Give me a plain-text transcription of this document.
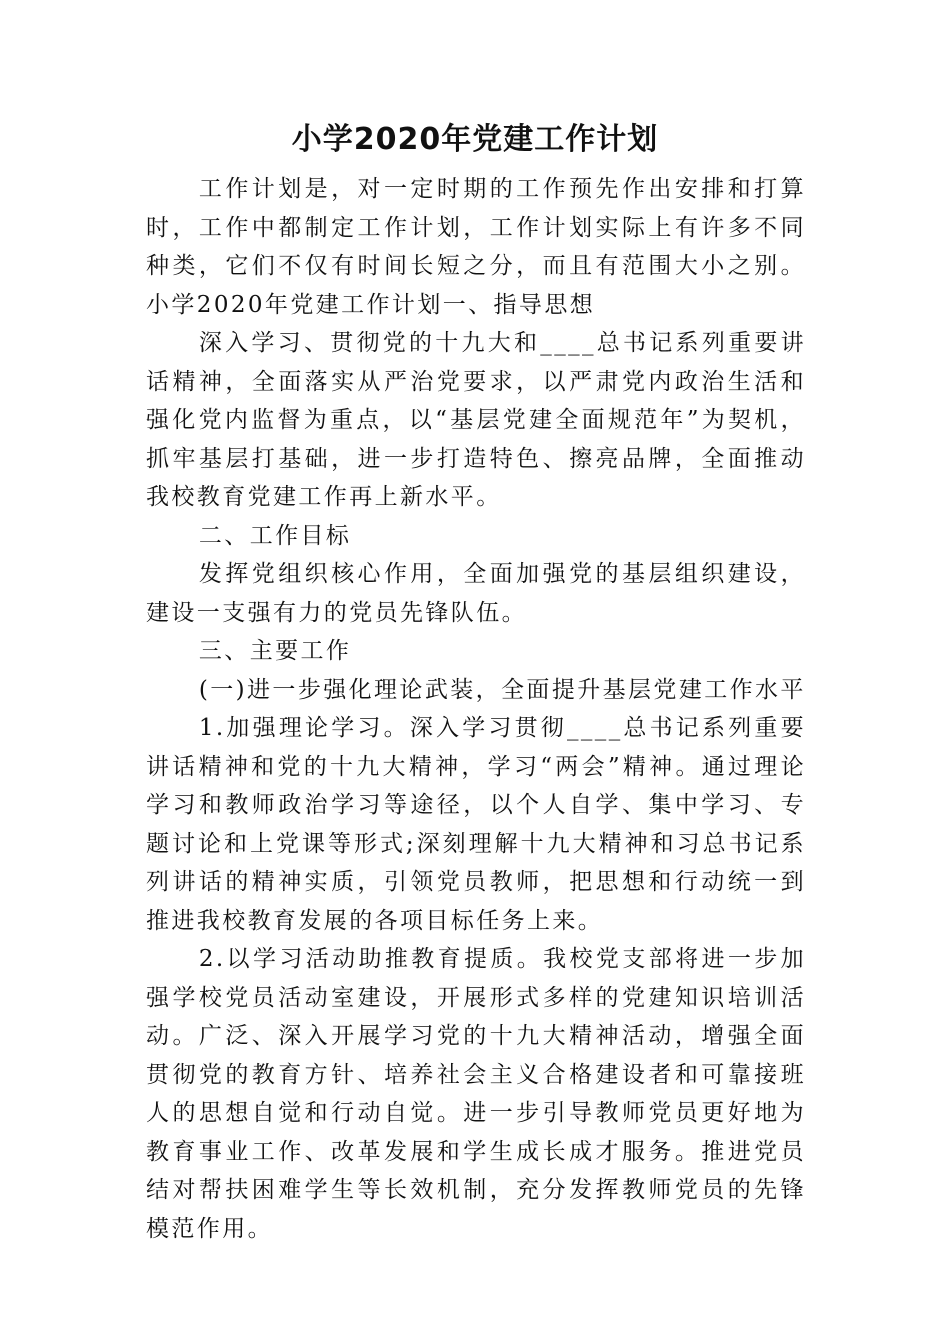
小学2020年党建工作计划

工作计划是，对一定时期的工作预先作出安排和打算时，工作中都制定工作计划，工作计划实际上有许多不同种类，它们不仅有时间长短之分，而且有范围大小之别。小学2020年党建工作计划一、指导思想

深入学习、贯彻党的十九大和____总书记系列重要讲话精神，全面落实从严治党要求，以严肃党内政治生活和强化党内监督为重点，以“基层党建全面规范年”为契机，抓牢基层打基础，进一步打造特色、擦亮品牌，全面推动我校教育党建工作再上新水平。

二、工作目标

发挥党组织核心作用，全面加强党的基层组织建设，建设一支强有力的党员先锋队伍。

三、主要工作

(一)进一步强化理论武装，全面提升基层党建工作水平

1.加强理论学习。深入学习贯彻____总书记系列重要讲话精神和党的十九大精神，学习“两会”精神。通过理论学习和教师政治学习等途径，以个人自学、集中学习、专题讨论和上党课等形式;深刻理解十九大精神和习总书记系列讲话的精神实质，引领党员教师，把思想和行动统一到推进我校教育发展的各项目标任务上来。

2.以学习活动助推教育提质。我校党支部将进一步加强学校党员活动室建设，开展形式多样的党建知识培训活动。广泛、深入开展学习党的十九大精神活动，增强全面贯彻党的教育方针、培养社会主义合格建设者和可靠接班人的思想自觉和行动自觉。进一步引导教师党员更好地为教育事业工作、改革发展和学生成长成才服务。推进党员结对帮扶困难学生等长效机制，充分发挥教师党员的先锋模范作用。
